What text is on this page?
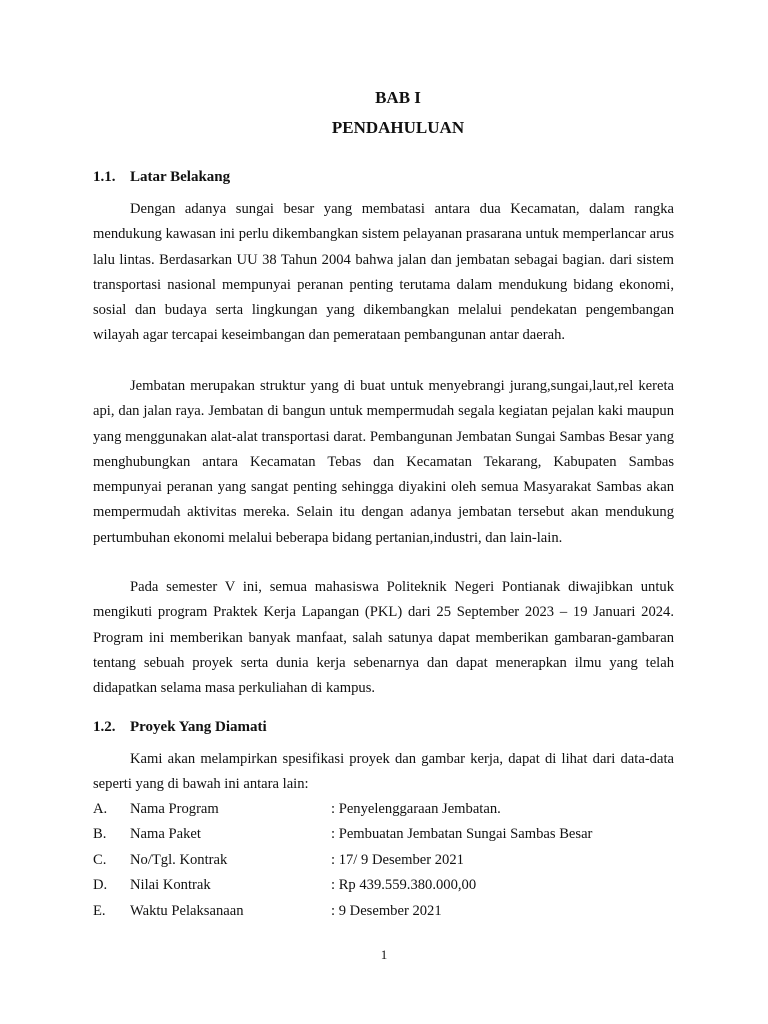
BAB I
PENDAHULUAN
1.1. Latar Belakang

Dengan adanya sungai besar yang membatasi antara dua Kecamatan, dalam rangka mendukung kawasan ini perlu dikembangkan sistem pelayanan prasarana untuk memperlancar arus lalu lintas. Berdasarkan UU 38 Tahun 2004 bahwa jalan dan jembatan sebagai bagian. dari sistem transportasi nasional mempunyai peranan penting terutama dalam mendukung bidang ekonomi, sosial dan budaya serta lingkungan yang dikembangkan melalui pendekatan pengembangan wilayah agar tercapai keseimbangan dan pemerataan pembangunan antar daerah.

Jembatan merupakan struktur yang di buat untuk menyebrangi jurang,sungai,laut,rel kereta api, dan jalan raya. Jembatan di bangun untuk mempermudah segala kegiatan pejalan kaki maupun yang menggunakan alat-alat transportasi darat. Pembangunan Jembatan Sungai Sambas Besar yang menghubungkan antara Kecamatan Tebas dan Kecamatan Tekarang, Kabupaten Sambas mempunyai peranan yang sangat penting sehingga diyakini oleh semua Masyarakat Sambas akan mempermudah aktivitas mereka. Selain itu dengan adanya jembatan tersebut akan mendukung pertumbuhan ekonomi melalui beberapa bidang pertanian,industri, dan lain-lain.

Pada semester V ini, semua mahasiswa Politeknik Negeri Pontianak diwajibkan untuk mengikuti program Praktek Kerja Lapangan (PKL) dari 25 September 2023 – 19 Januari 2024. Program ini memberikan banyak manfaat, salah satunya dapat memberikan gambaran-gambaran tentang sebuah proyek serta dunia kerja sebenarnya dan dapat menerapkan ilmu yang telah didapatkan selama masa perkuliahan di kampus.

1.2. Proyek Yang Diamati

Kami akan melampirkan spesifikasi proyek dan gambar kerja, dapat di lihat dari data-data seperti yang di bawah ini antara lain:

A. Nama Program	: Penyelenggaraan Jembatan.
B. Nama Paket	: Pembuatan Jembatan Sungai Sambas Besar
C. No/Tgl. Kontrak	: 17/ 9 Desember 2021
D. Nilai Kontrak	: Rp 439.559.380.000,00
E. Waktu Pelaksanaan	: 9 Desember 2021
1
